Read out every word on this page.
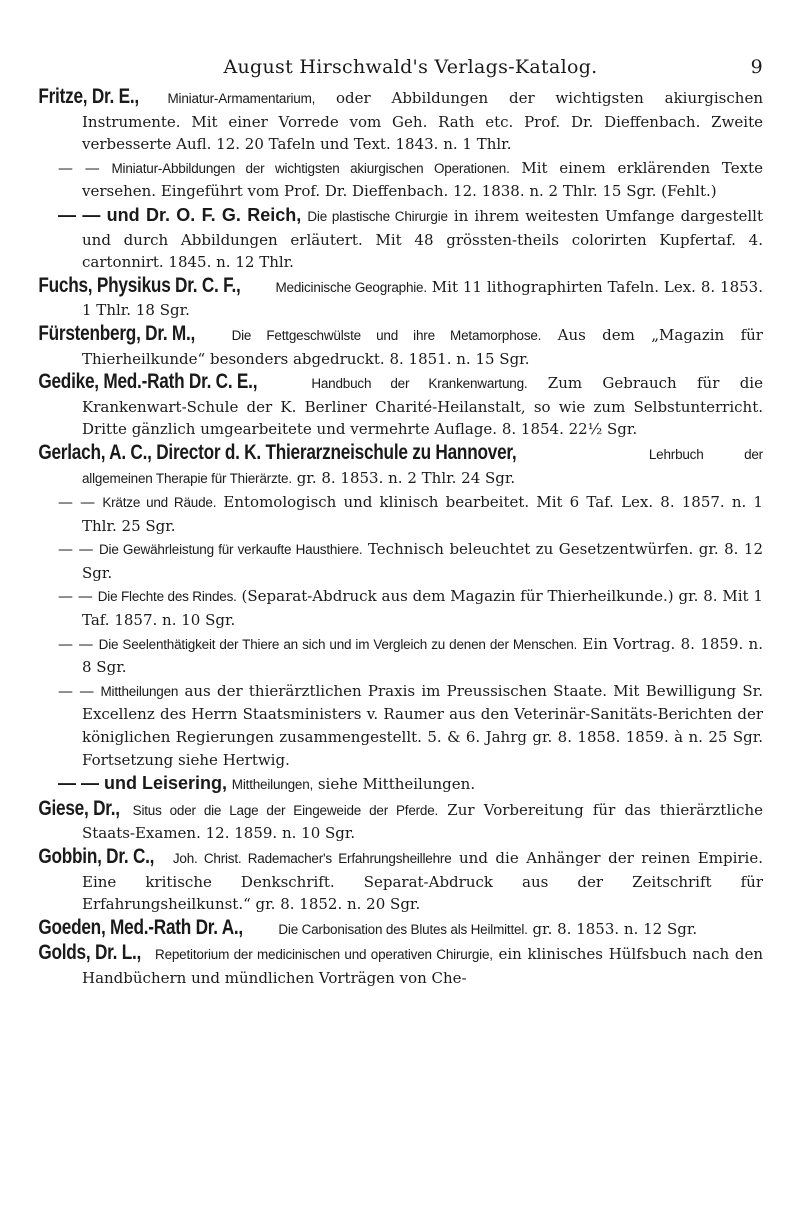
August Hirschwald's Verlags-Katalog.	9

Fritze, Dr. E., Miniatur-Armamentarium, oder Abbildungen der wichtigsten akiurgischen Instrumente. Mit einer Vorrede vom Geh. Rath etc. Prof. Dr. Dieffenbach. Zweite verbesserte Aufl. 12. 20 Tafeln und Text. 1843. n. 1 Thlr.

— — Miniatur-Abbildungen der wichtigsten akiurgischen Operationen. Mit einem erklärenden Texte versehen. Eingeführt vom Prof. Dr. Dieffenbach. 12. 1838. n. 2 Thlr. 15 Sgr. (Fehlt.)

— — und Dr. O. F. G. Reich, Die plastische Chirurgie in ihrem weitesten Umfange dargestellt und durch Abbildungen erläutert. Mit 48 grössten-theils colorirten Kupfertaf. 4. cartonnirt. 1845. n. 12 Thlr.

Fuchs, Physikus Dr. C. F.,	Medicinische Geographie. Mit 11 lithographirten Tafeln. Lex. 8. 1853. 1 Thlr. 18 Sgr.

Fürstenberg, Dr. M.,	Die Fettgeschwülste und ihre Metamorphose. Aus dem „Magazin für Thierheilkunde“ besonders abgedruckt. 8. 1851. n. 15 Sgr.

Gedike, Med.-Rath Dr. C. E.,	Handbuch der Krankenwartung. Zum Gebrauch für die Krankenwart-Schule der K. Berliner Charité-Heilanstalt, so wie zum Selbstunterricht. Dritte gänzlich umgearbeitete und vermehrte Auflage. 8. 1854. 22½ Sgr.

Gerlach, A. C., Director d. K. Thierarzneischule zu Hannover,	Lehrbuch der allgemeinen Therapie für Thierärzte. gr. 8. 1853. n. 2 Thlr. 24 Sgr.

— — Krätze und Räude. Entomologisch und klinisch bearbeitet. Mit 6 Taf. Lex. 8. 1857. n. 1 Thlr. 25 Sgr.

— — Die Gewährleistung für verkaufte Hausthiere. Technisch beleuchtet zu Gesetzentwürfen. gr. 8. 12 Sgr.

— — Die Flechte des Rindes. (Separat-Abdruck aus dem Magazin für Thierheilkunde.) gr. 8. Mit 1 Taf. 1857. n. 10 Sgr.

— — Die Seelenthätigkeit der Thiere an sich und im Vergleich zu denen der Menschen. Ein Vortrag. 8. 1859. n. 8 Sgr.

— — Mittheilungen aus der thierärztlichen Praxis im Preussischen Staate. Mit Bewilligung Sr. Excellenz des Herrn Staatsministers v. Raumer aus den Veterinär-Sanitäts-Berichten der königlichen Regierungen zusammengestellt. 5. & 6. Jahrg gr. 8. 1858. 1859. à n. 25 Sgr. Fortsetzung siehe Hertwig.

— — und Leisering, Mittheilungen, siehe Mittheilungen.

Giese, Dr., Situs oder die Lage der Eingeweide der Pferde. Zur Vorbereitung für das thierärztliche Staats-Examen. 12. 1859. n. 10 Sgr.

Gobbin, Dr. C., Joh. Christ. Rademacher's Erfahrungsheillehre und die Anhänger der reinen Empirie. Eine kritische Denkschrift. Separat-Abdruck aus der Zeitschrift für Erfahrungsheilkunst.“ gr. 8. 1852. n. 20 Sgr.

Goeden, Med.-Rath Dr. A.,	Die Carbonisation des Blutes als Heilmittel. gr. 8. 1853. n. 12 Sgr.

Golds, Dr. L., Repetitorium der medicinischen und operativen Chirurgie, ein klinisches Hülfsbuch nach den Handbüchern und mündlichen Vorträgen von Che-
